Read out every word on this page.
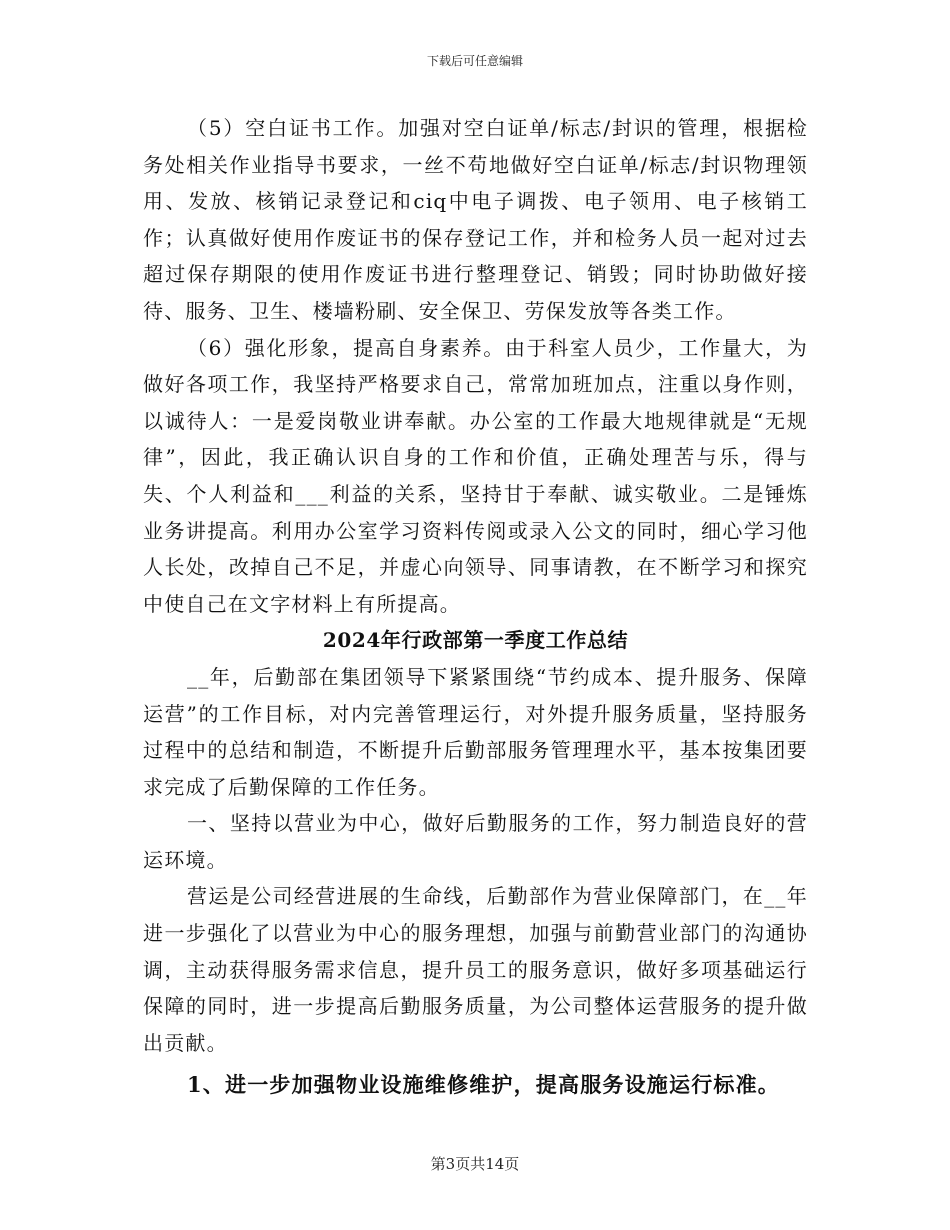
下载后可任意编辑

（5）空白证书工作。加强对空白证单/标志/封识的管理，根据检务处相关作业指导书要求，一丝不苟地做好空白证单/标志/封识物理领用、发放、核销记录登记和ciq中电子调拨、电子领用、电子核销工作；认真做好使用作废证书的保存登记工作，并和检务人员一起对过去超过保存期限的使用作废证书进行整理登记、销毁；同时协助做好接待、服务、卫生、楼墙粉刷、安全保卫、劳保发放等各类工作。

（6）强化形象，提高自身素养。由于科室人员少，工作量大，为做好各项工作，我坚持严格要求自己，常常加班加点，注重以身作则，以诚待人：一是爱岗敬业讲奉献。办公室的工作最大地规律就是“无规律”，因此，我正确认识自身的工作和价值，正确处理苦与乐，得与失、个人利益和___利益的关系，坚持甘于奉献、诚实敬业。二是锤炼业务讲提高。利用办公室学习资料传阅或录入公文的同时，细心学习他人长处，改掉自己不足，并虚心向领导、同事请教，在不断学习和探究中使自己在文字材料上有所提高。

2024年行政部第一季度工作总结

__年，后勤部在集团领导下紧紧围绕“节约成本、提升服务、保障运营”的工作目标，对内完善管理运行，对外提升服务质量，坚持服务过程中的总结和制造，不断提升后勤部服务管理理水平，基本按集团要求完成了后勤保障的工作任务。

一、坚持以营业为中心，做好后勤服务的工作，努力制造良好的营运环境。

营运是公司经营进展的生命线，后勤部作为营业保障部门，在__年进一步强化了以营业为中心的服务理想，加强与前勤营业部门的沟通协调，主动获得服务需求信息，提升员工的服务意识，做好多项基础运行保障的同时，进一步提高后勤服务质量，为公司整体运营服务的提升做出贡献。

1、进一步加强物业设施维修维护，提高服务设施运行标准。

第3页共14页
